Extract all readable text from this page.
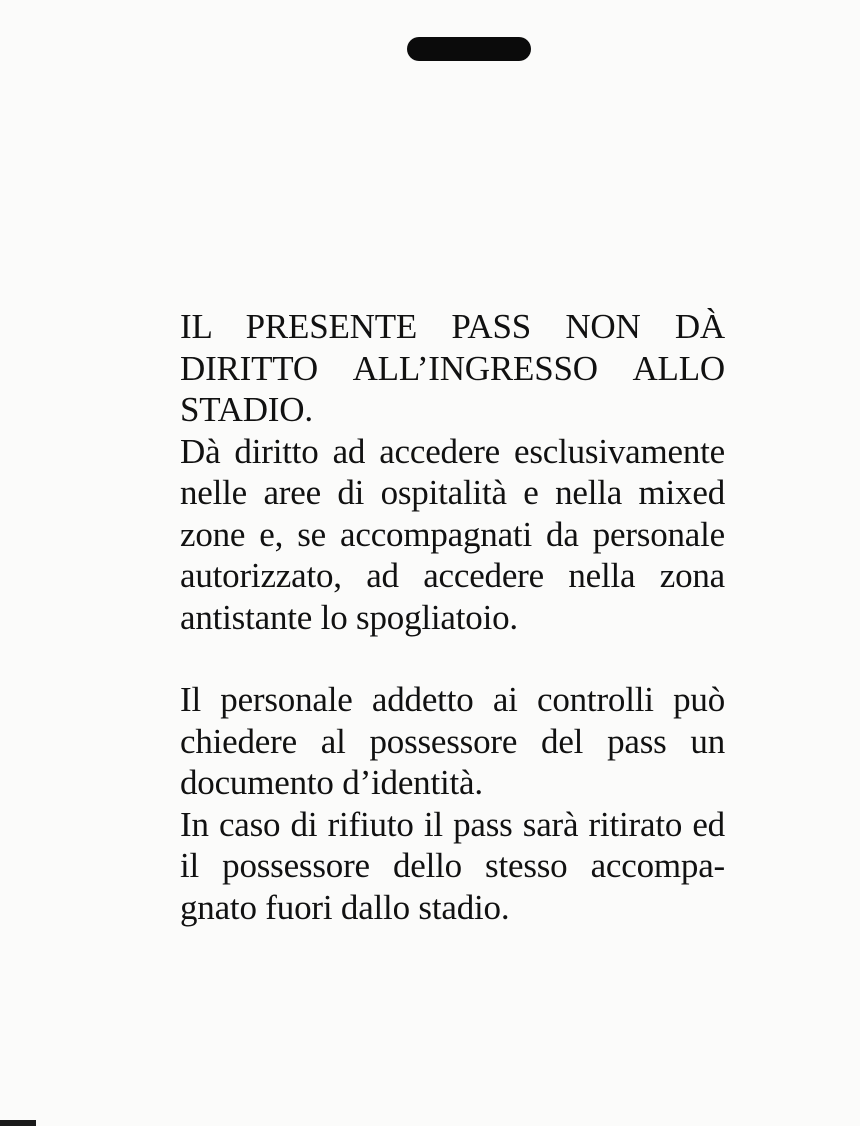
IL PRESENTE PASS NON DÀ
DIRITTO ALL’INGRESSO ALLO
STADIO.

Dà diritto ad accedere esclusivamente
nelle aree di ospitalità e nella mixed
zone e, se accompagnati da personale
autorizzato, ad accedere nella zona
antistante lo spogliatoio.

Il personale addetto ai controlli può
chiedere al possessore del pass un
documento d’identità.

In caso di rifiuto il pass sarà ritirato ed
il possessore dello stesso accompa-
gnato fuori dallo stadio.
